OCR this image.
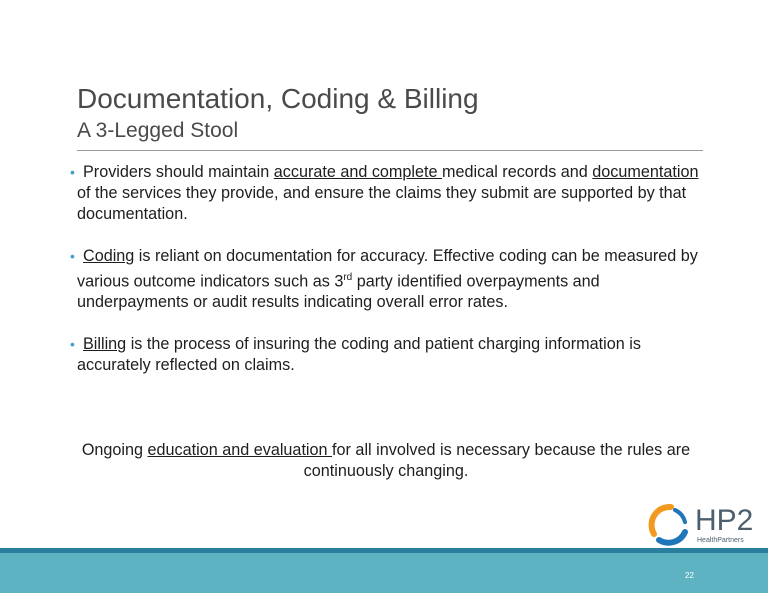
Documentation, Coding & Billing
A 3-Legged Stool
• Providers should maintain accurate and complete medical records and documentation of the services they provide, and ensure the claims they submit are supported by that documentation.

• Coding is reliant on documentation for accuracy. Effective coding can be measured by various outcome indicators such as 3rd party identified overpayments and underpayments or audit results indicating overall error rates.

• Billing is the process of insuring the coding and patient charging information is accurately reflected on claims.

Ongoing education and evaluation for all involved is necessary because the rules are continuously changing.
HP2
HealthPartners
22
